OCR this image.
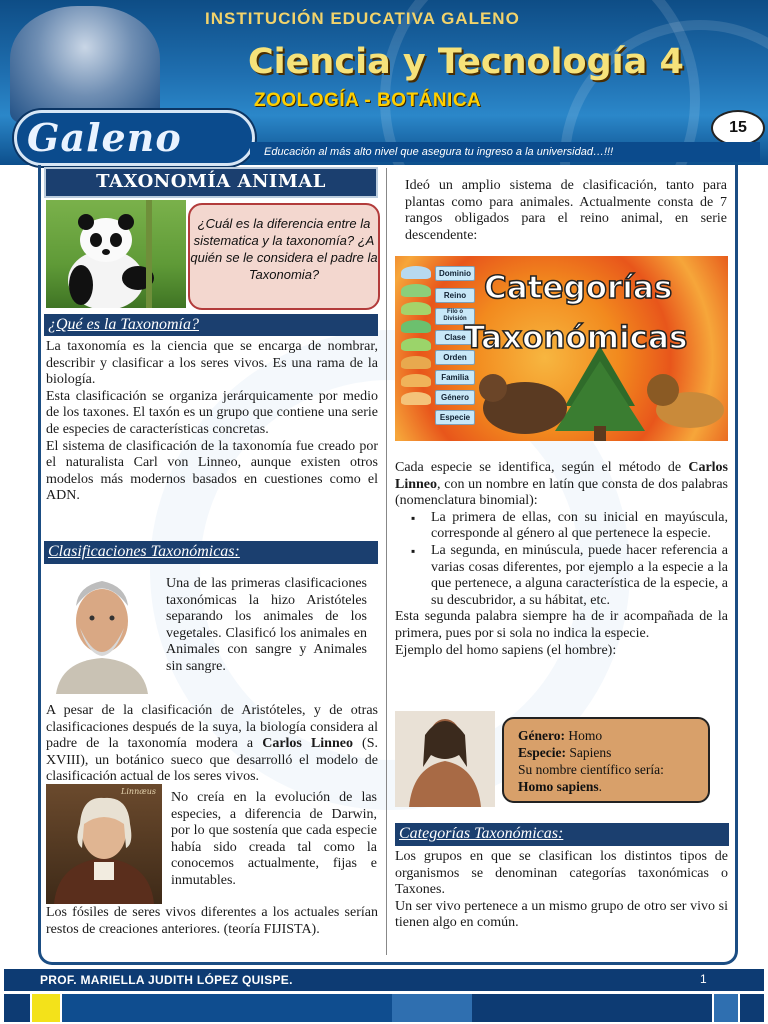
INSTITUCIÓN EDUCATIVA GALENO
Ciencia y Tecnología 4
ZOOLOGÍA - BOTÁNICA
Galeno	15
Educación al más alto nivel que asegura tu ingreso a la universidad…!!!
TAXONOMÍA ANIMAL
¿Cuál es la diferencia entre la sistematica y la taxonomía? ¿A quién se le considera el padre la Taxonomia?
¿Qué es la Taxonomía?
La taxonomía es la ciencia que se encarga de nombrar, describir y clasificar a los seres vivos. Es una rama de la biología.
Esta clasificación se organiza jerárquicamente por medio de los taxones. El taxón es un grupo que contiene una serie de especies de características concretas.
El sistema de clasificación de la taxonomía fue creado por el naturalista Carl von Linneo, aunque existen otros modelos más modernos basados en cuestiones como el ADN.
Clasificaciones Taxonómicas:
Una de las primeras clasificaciones taxonómicas la hizo Aristóteles separando los animales de los vegetales. Clasificó los animales en Animales con sangre y Animales sin sangre.
A pesar de la clasificación de Aristóteles, y de otras clasificaciones después de la suya, la biología considera al padre de la taxonomía modera a Carlos Linneo (S. XVIII), un botánico sueco que desarrolló el modelo de clasificación actual de los seres vivos.
Linnæus No creía en la evolución de las especies, a diferencia de Darwin, por lo que sostenía que cada especie había sido creada tal como la conocemos actualmente, fijas e inmutables.
Los fósiles de seres vivos diferentes a los actuales serían restos de creaciones anteriores. (teoría FIJISTA).
Ideó un amplio sistema de clasificación, tanto para plantas como para animales. Actualmente consta de 7 rangos obligados para el reino animal, en serie descendente:
Dominio
Reino
Filo o División
Clase
Orden
Familia
Género
Especie
Categorías
Taxonómicas
Cada especie se identifica, según el método de Carlos Linneo, con un nombre en latín que consta de dos palabras (nomenclatura binomial):
▪ La primera de ellas, con su inicial en mayúscula, corresponde al género al que pertenece la especie.
▪ La segunda, en minúscula, puede hacer referencia a varias cosas diferentes, por ejemplo a la especie a la que pertenece, a alguna característica de la especie, a su descubridor, a su hábitat, etc.
Esta segunda palabra siempre ha de ir acompañada de la primera, pues por si sola no indica la especie.
Ejemplo del homo sapiens (el hombre):
Género: Homo
Especie: Sapiens
Su nombre científico sería:
Homo sapiens.
Categorías Taxonómicas:
Los grupos en que se clasifican los distintos tipos de organismos se denominan categorías taxonómicas o Taxones.
Un ser vivo pertenece a un mismo grupo de otro ser vivo si tienen algo en común.
PROF. MARIELLA JUDITH LÓPEZ QUISPE.	1
